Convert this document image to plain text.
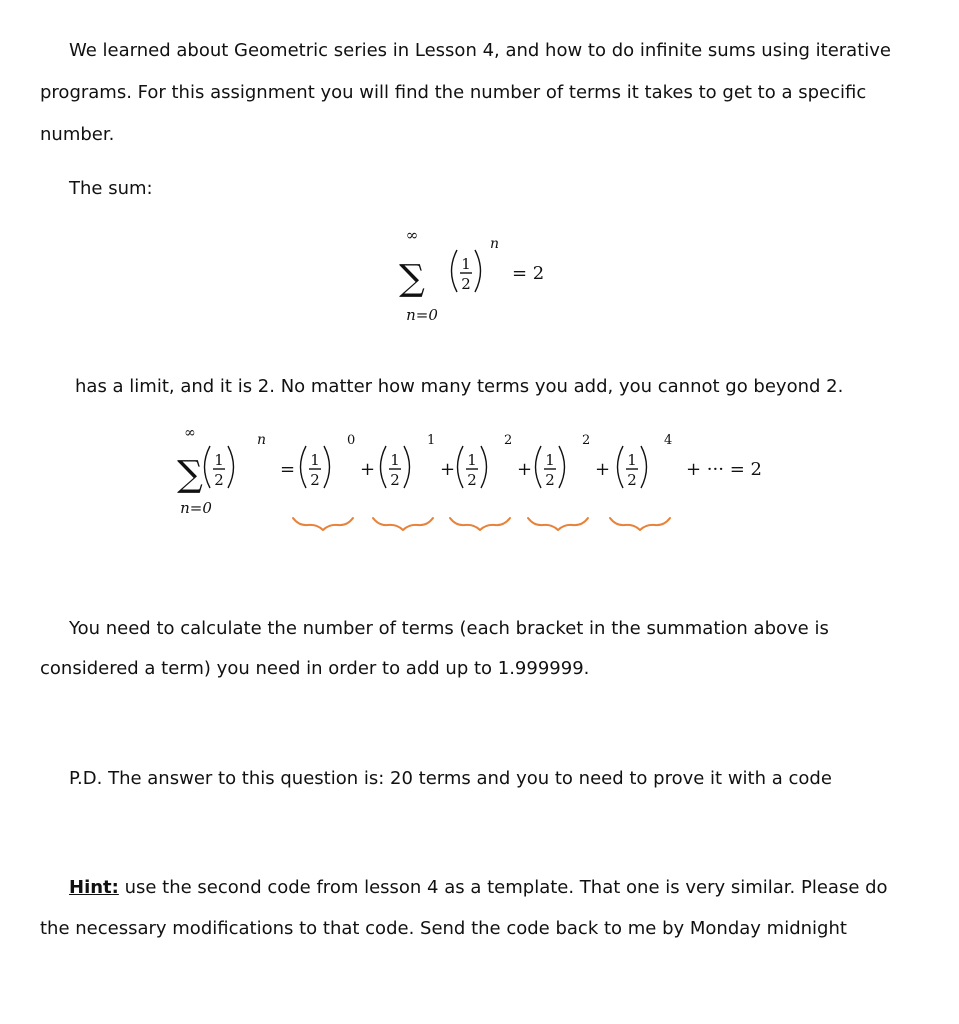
We learned about Geometric series in Lesson 4, and how to do infinite sums using iterative
programs. For this assignment you will find the number of terms it takes to get to a specific
number.
The sum:
∞
∑
n=0
1
2
n
= 2
has a limit, and it is 2. No matter how many terms you add, you cannot go beyond 2.
∞
∑
n=0
1
2
n
= 1
2
0
+ 1
2
1
+ 1
2
2
+ 1
2
2
+ 1
2
4
+ ··· = 2
You need to calculate the number of terms (each bracket in the summation above is
considered a term) you need in order to add up to 1.999999.
P.D. The answer to this question is: 20 terms and you to need to prove it with a code
Hint: use the second code from lesson 4 as a template. That one is very similar. Please do
the necessary modifications to that code. Send the code back to me by Monday midnight
